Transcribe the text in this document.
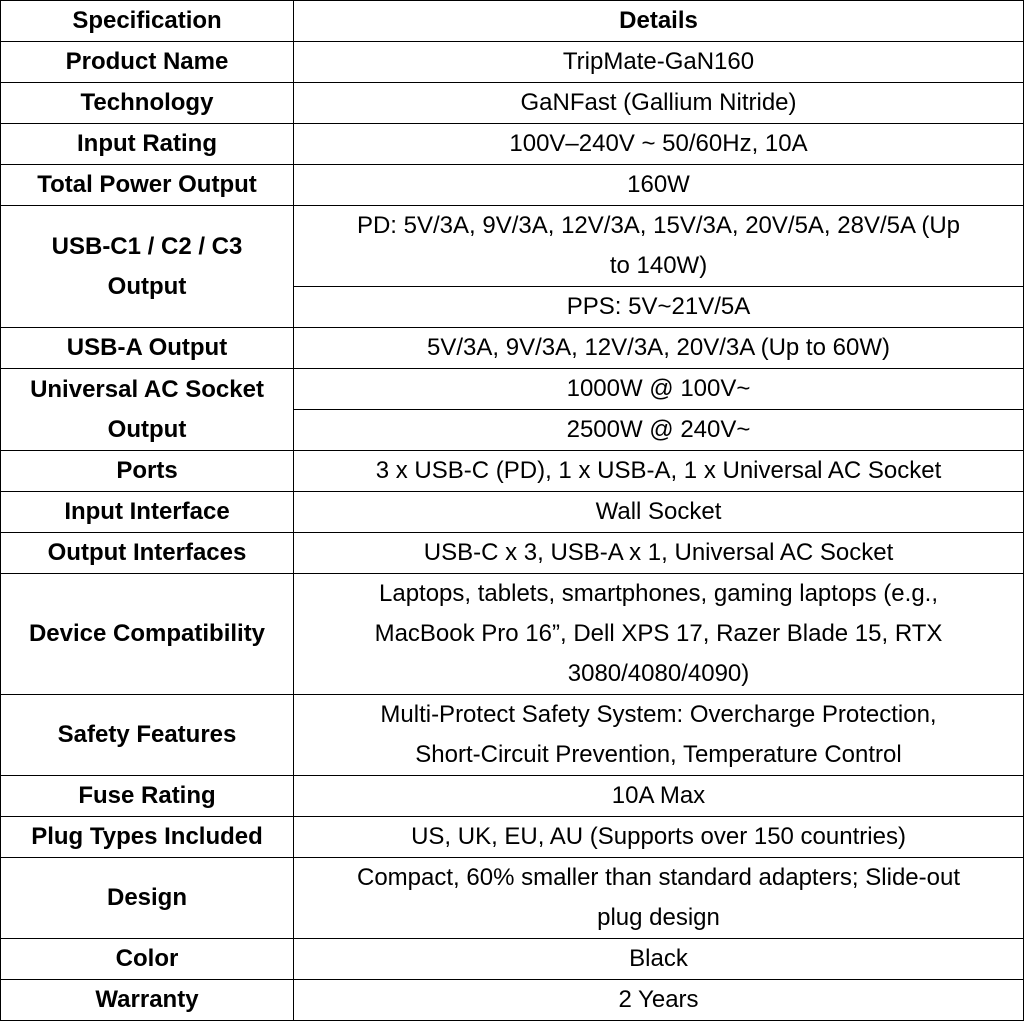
Specification	Details
Product Name	TripMate-GaN160

Technology	GaNFast (Gallium Nitride)

Input Rating	100V–240V ~ 50/60Hz, 10A

Total Power Output	160W

USB-C1 / C2 / C3
Output	PD: 5V/3A, 9V/3A, 12V/3A, 15V/3A, 20V/5A, 28V/5A (Up
to 140W)

	PPS: 5V~21V/5A

USB-A Output	5V/3A, 9V/3A, 12V/3A, 20V/3A (Up to 60W)

Universal AC Socket
Output	1000W @ 100V~

	2500W @ 240V~

Ports	3 x USB-C (PD), 1 x USB-A, 1 x Universal AC Socket

Input Interface	Wall Socket

Output Interfaces	USB-C x 3, USB-A x 1, Universal AC Socket

Device Compatibility	Laptops, tablets, smartphones, gaming laptops (e.g.,
MacBook Pro 16”, Dell XPS 17, Razer Blade 15, RTX
3080/4080/4090)

Safety Features	Multi-Protect Safety System: Overcharge Protection,
Short-Circuit Prevention, Temperature Control

Fuse Rating	10A Max

Plug Types Included	US, UK, EU, AU (Supports over 150 countries)

Design	Compact, 60% smaller than standard adapters; Slide-out
plug design

Color	Black

Warranty	2 Years
